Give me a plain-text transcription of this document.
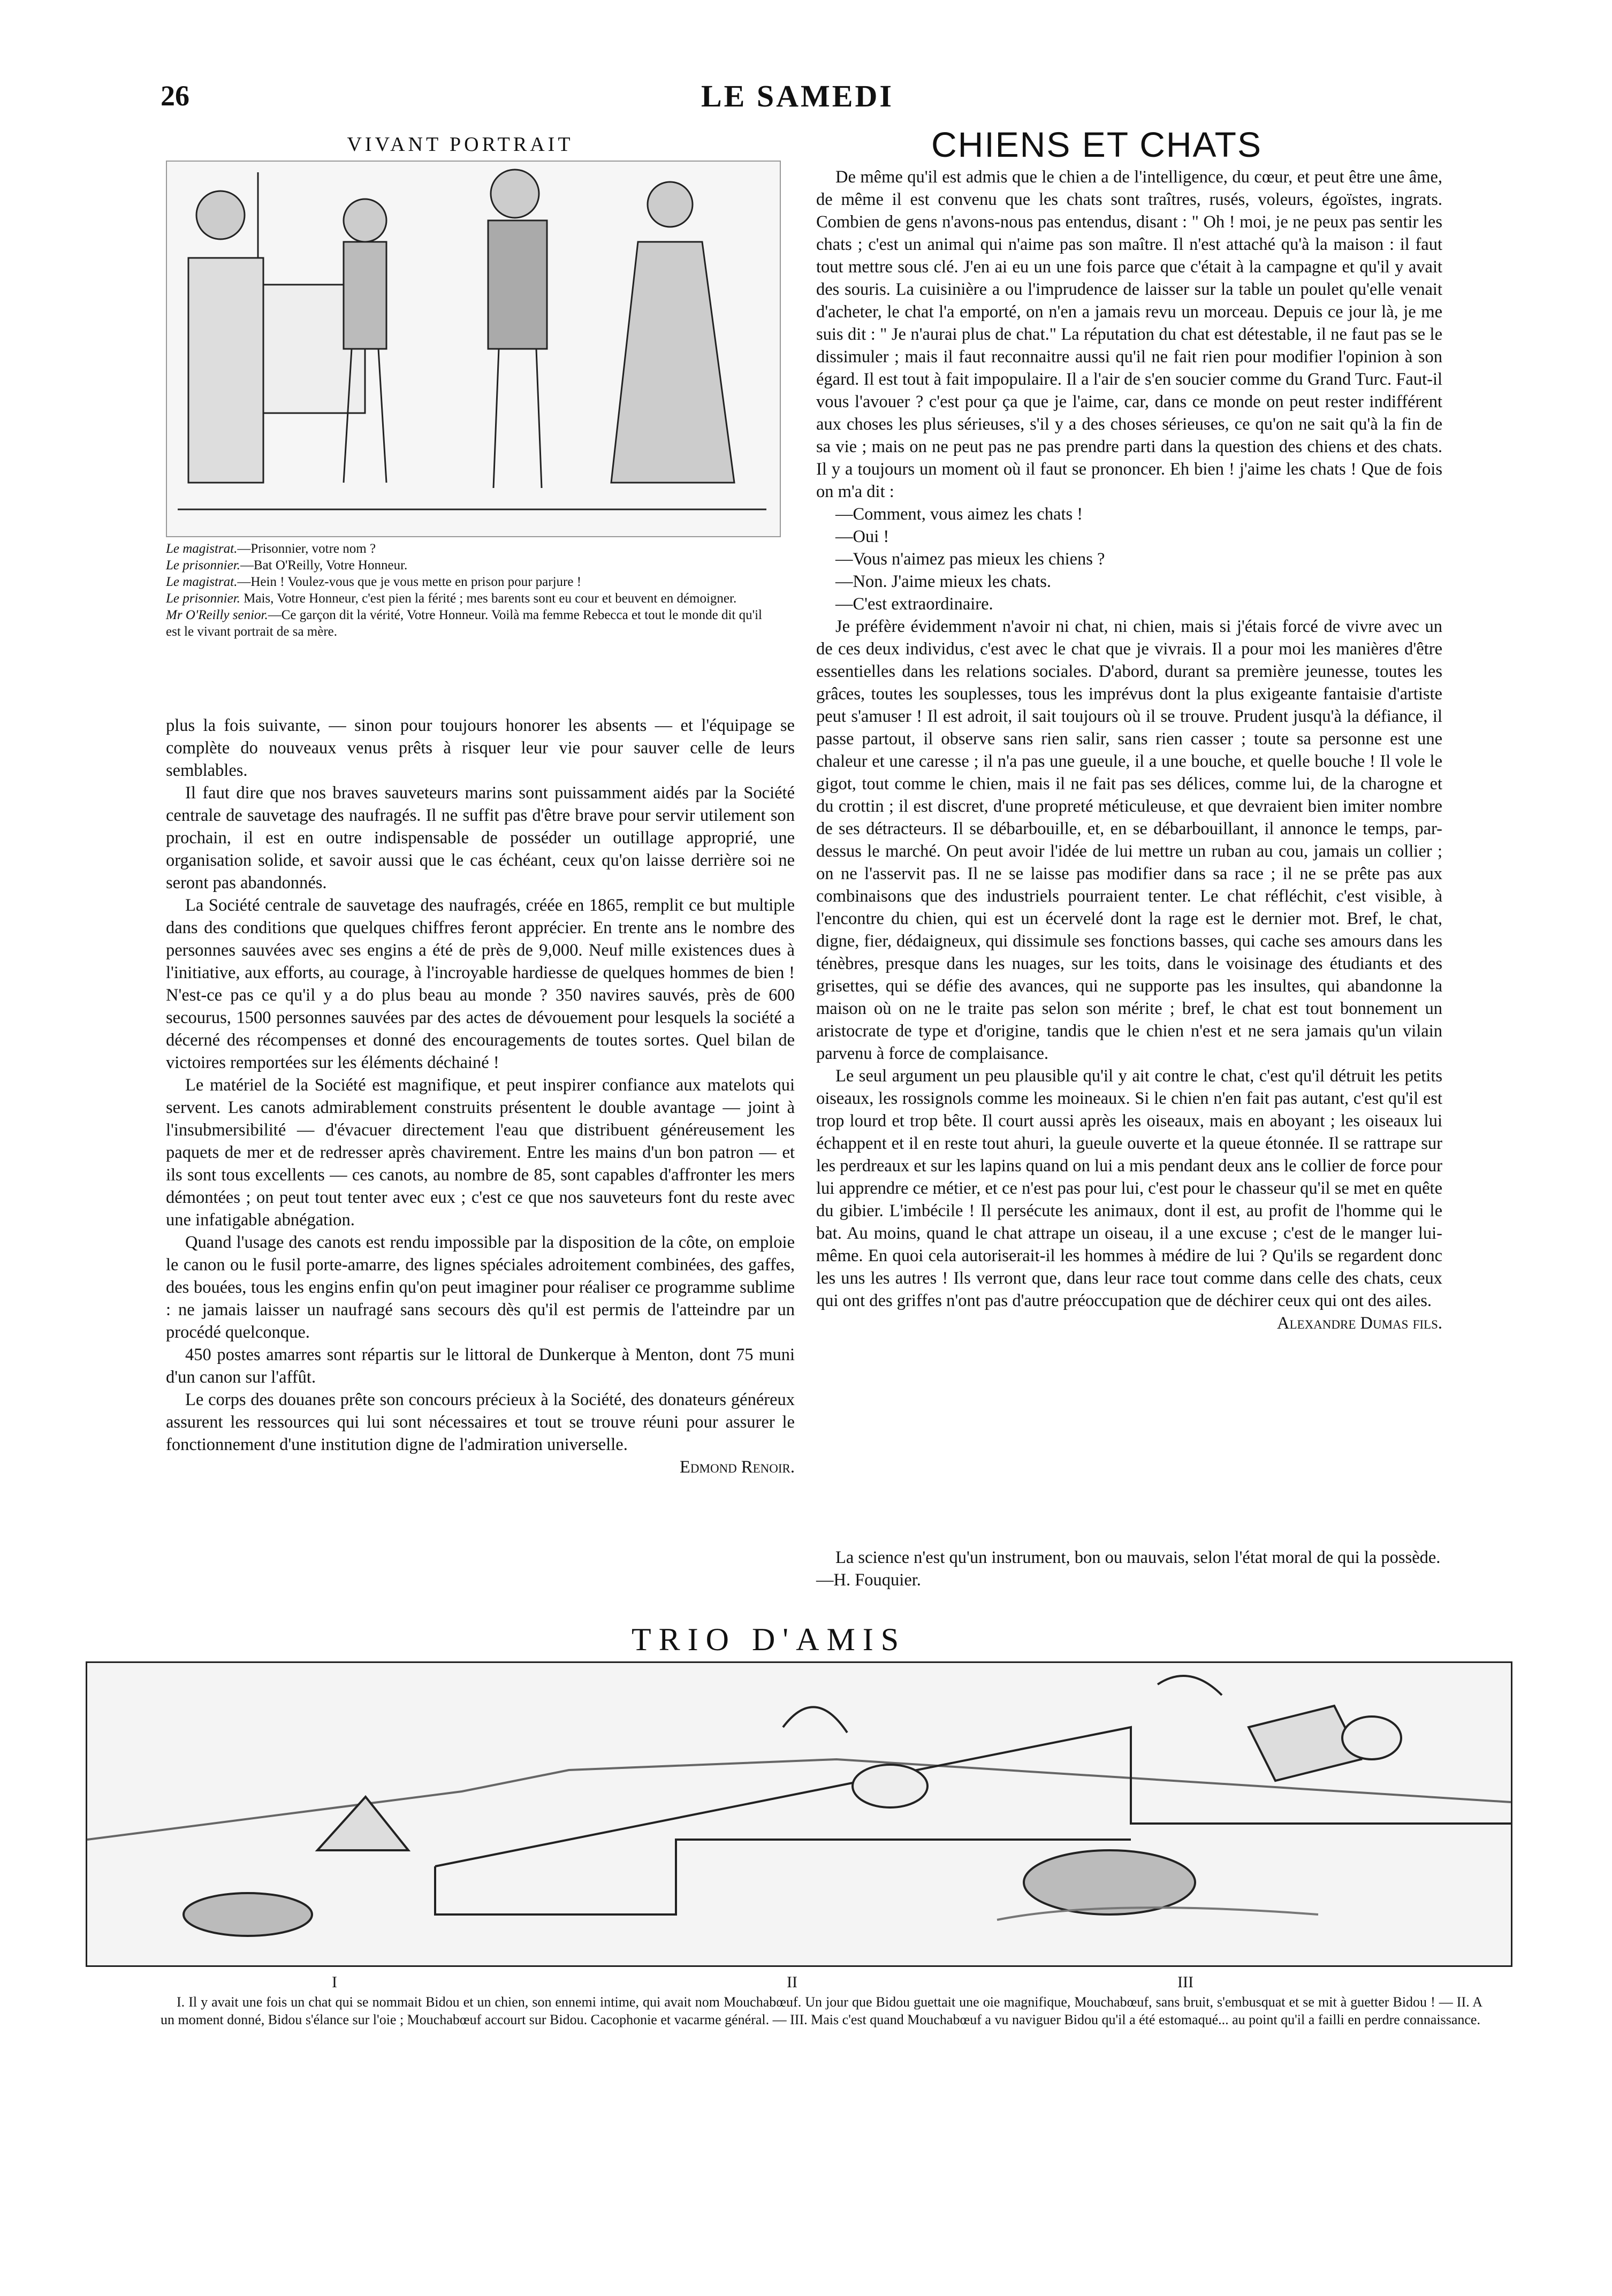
26	LE SAMEDI
VIVANT PORTRAIT

Le magistrat.—Prisonnier, votre nom ?

Le prisonnier.—Bat O'Reilly, Votre Honneur.

Le magistrat.—Hein ! Voulez-vous que je vous mette en prison pour parjure !

Le prisonnier. Mais, Votre Honneur, c'est pien la férité ; mes barents sont eu cour et beuvent en démoigner.

Mr O'Reilly senior.—Ce garçon dit la vérité, Votre Honneur. Voilà ma femme Rebecca et tout le monde dit qu'il est le vivant portrait de sa mère.

plus la fois suivante, — sinon pour toujours honorer les absents — et l'équipage se complète do nouveaux venus prêts à risquer leur vie pour sauver celle de leurs semblables.

Il faut dire que nos braves sauveteurs marins sont puissamment aidés par la Société centrale de sauvetage des naufragés. Il ne suffit pas d'être brave pour servir utilement son prochain, il est en outre indispensable de posséder un outillage approprié, une organisation solide, et savoir aussi que le cas échéant, ceux qu'on laisse derrière soi ne seront pas abandonnés.

La Société centrale de sauvetage des naufragés, créée en 1865, remplit ce but multiple dans des conditions que quelques chiffres feront apprécier. En trente ans le nombre des personnes sauvées avec ses engins a été de près de 9,000. Neuf mille existences dues à l'initiative, aux efforts, au courage, à l'incroyable hardiesse de quelques hommes de bien ! N'est-ce pas ce qu'il y a do plus beau au monde ? 350 navires sauvés, près de 600 secourus, 1500 personnes sauvées par des actes de dévouement pour lesquels la société a décerné des récompenses et donné des encouragements de toutes sortes. Quel bilan de victoires remportées sur les éléments déchainé !

Le matériel de la Société est magnifique, et peut inspirer confiance aux matelots qui servent. Les canots admirablement construits présentent le double avantage — joint à l'insubmersibilité — d'évacuer directement l'eau que distribuent généreusement les paquets de mer et de redresser après chavirement. Entre les mains d'un bon patron — et ils sont tous excellents — ces canots, au nombre de 85, sont capables d'affronter les mers démontées ; on peut tout tenter avec eux ; c'est ce que nos sauveteurs font du reste avec une infatigable abnégation.

Quand l'usage des canots est rendu impossible par la disposition de la côte, on emploie le canon ou le fusil porte-amarre, des lignes spéciales adroitement combinées, des gaffes, des bouées, tous les engins enfin qu'on peut imaginer pour réaliser ce programme sublime : ne jamais laisser un naufragé sans secours dès qu'il est permis de l'atteindre par un procédé quelconque.

450 postes amarres sont répartis sur le littoral de Dunkerque à Menton, dont 75 muni d'un canon sur l'affût.

Le corps des douanes prête son concours précieux à la Société, des donateurs généreux assurent les ressources qui lui sont nécessaires et tout se trouve réuni pour assurer le fonctionnement d'une institution digne de l'admiration universelle.

Edmond Renoir.
CHIENS ET CHATS

De même qu'il est admis que le chien a de l'intelligence, du cœur, et peut être une âme, de même il est convenu que les chats sont traîtres, rusés, voleurs, égoïstes, ingrats. Combien de gens n'avons-nous pas entendus, disant : " Oh ! moi, je ne peux pas sentir les chats ; c'est un animal qui n'aime pas son maître. Il n'est attaché qu'à la maison : il faut tout mettre sous clé. J'en ai eu un une fois parce que c'était à la campagne et qu'il y avait des souris. La cuisinière a ou l'imprudence de laisser sur la table un poulet qu'elle venait d'acheter, le chat l'a emporté, on n'en a jamais revu un morceau. Depuis ce jour là, je me suis dit : " Je n'aurai plus de chat." La réputation du chat est détestable, il ne faut pas se le dissimuler ; mais il faut reconnaitre aussi qu'il ne fait rien pour modifier l'opinion à son égard. Il est tout à fait impopulaire. Il a l'air de s'en soucier comme du Grand Turc. Faut-il vous l'avouer ? c'est pour ça que je l'aime, car, dans ce monde on peut rester indifférent aux choses les plus sérieuses, s'il y a des choses sérieuses, ce qu'on ne sait qu'à la fin de sa vie ; mais on ne peut pas ne pas prendre parti dans la question des chiens et des chats. Il y a toujours un moment où il faut se prononcer. Eh bien ! j'aime les chats ! Que de fois on m'a dit :

—Comment, vous aimez les chats !

—Oui !

—Vous n'aimez pas mieux les chiens ?

—Non. J'aime mieux les chats.

—C'est extraordinaire.

Je préfère évidemment n'avoir ni chat, ni chien, mais si j'étais forcé de vivre avec un de ces deux individus, c'est avec le chat que je vivrais. Il a pour moi les manières d'être essentielles dans les relations sociales. D'abord, durant sa première jeunesse, toutes les grâces, toutes les souplesses, tous les imprévus dont la plus exigeante fantaisie d'artiste peut s'amuser ! Il est adroit, il sait toujours où il se trouve. Prudent jusqu'à la défiance, il passe partout, il observe sans rien salir, sans rien casser ; toute sa personne est une chaleur et une caresse ; il n'a pas une gueule, il a une bouche, et quelle bouche ! Il vole le gigot, tout comme le chien, mais il ne fait pas ses délices, comme lui, de la charogne et du crottin ; il est discret, d'une propreté méticuleuse, et que devraient bien imiter nombre de ses détracteurs. Il se débarbouille, et, en se débarbouillant, il annonce le temps, par-dessus le marché. On peut avoir l'idée de lui mettre un ruban au cou, jamais un collier ; on ne l'asservit pas. Il ne se laisse pas modifier dans sa race ; il ne se prête pas aux combinaisons que des industriels pourraient tenter. Le chat réfléchit, c'est visible, à l'encontre du chien, qui est un écervelé dont la rage est le dernier mot. Bref, le chat, digne, fier, dédaigneux, qui dissimule ses fonctions basses, qui cache ses amours dans les ténèbres, presque dans les nuages, sur les toits, dans le voisinage des étudiants et des grisettes, qui se défie des avances, qui ne supporte pas les insultes, qui abandonne la maison où on ne le traite pas selon son mérite ; bref, le chat est tout bonnement un aristocrate de type et d'origine, tandis que le chien n'est et ne sera jamais qu'un vilain parvenu à force de complaisance.

Le seul argument un peu plausible qu'il y ait contre le chat, c'est qu'il détruit les petits oiseaux, les rossignols comme les moineaux. Si le chien n'en fait pas autant, c'est qu'il est trop lourd et trop bête. Il court aussi après les oiseaux, mais en aboyant ; les oiseaux lui échappent et il en reste tout ahuri, la gueule ouverte et la queue étonnée. Il se rattrape sur les perdreaux et sur les lapins quand on lui a mis pendant deux ans le collier de force pour lui apprendre ce métier, et ce n'est pas pour lui, c'est pour le chasseur qu'il se met en quête du gibier. L'imbécile ! Il persécute les animaux, dont il est, au profit de l'homme qui le bat. Au moins, quand le chat attrape un oiseau, il a une excuse ; c'est de le manger lui-même. En quoi cela autoriserait-il les hommes à médire de lui ? Qu'ils se regardent donc les uns les autres ! Ils verront que, dans leur race tout comme dans celle des chats, ceux qui ont des griffes n'ont pas d'autre préoccupation que de déchirer ceux qui ont des ailes.

Alexandre Dumas fils.

La science n'est qu'un instrument, bon ou mauvais, selon l'état moral de qui la possède.—H. Fouquier.

TRIO D'AMIS
I	II	III

I. Il y avait une fois un chat qui se nommait Bidou et un chien, son ennemi intime, qui avait nom Mouchabœuf. Un jour que Bidou guettait une oie magnifique, Mouchabœuf, sans bruit, s'embusquat et se mit à guetter Bidou ! — II. A un moment donné, Bidou s'élance sur l'oie ; Mouchabœuf accourt sur Bidou. Cacophonie et vacarme général. — III. Mais c'est quand Mouchabœuf a vu naviguer Bidou qu'il a été estomaqué... au point qu'il a failli en perdre connaissance.
